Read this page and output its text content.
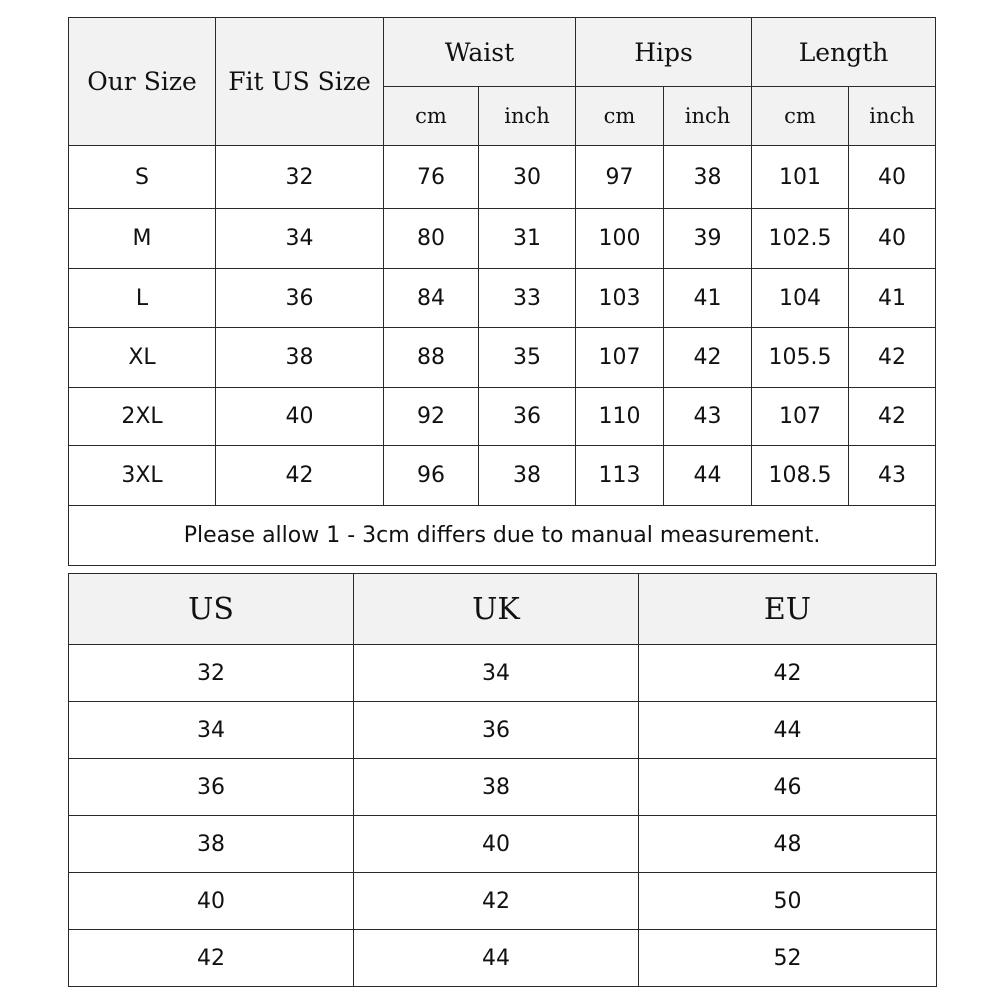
Our Size	Fit US Size	Waist		Hips		Length	
		cm	inch	cm	inch	cm	inch
S	32	76	30	97	38	101	40
M	34	80	31	100	39	102.5	40
L	36	84	33	103	41	104	41
XL	38	88	35	107	42	105.5	42
2XL	40	92	36	110	43	107	42
3XL	42	96	38	113	44	108.5	43
Please allow 1 - 3cm differs due to manual measurement.							
US	UK	EU
32	34	42
34	36	44
36	38	46
38	40	48
40	42	50
42	44	52
